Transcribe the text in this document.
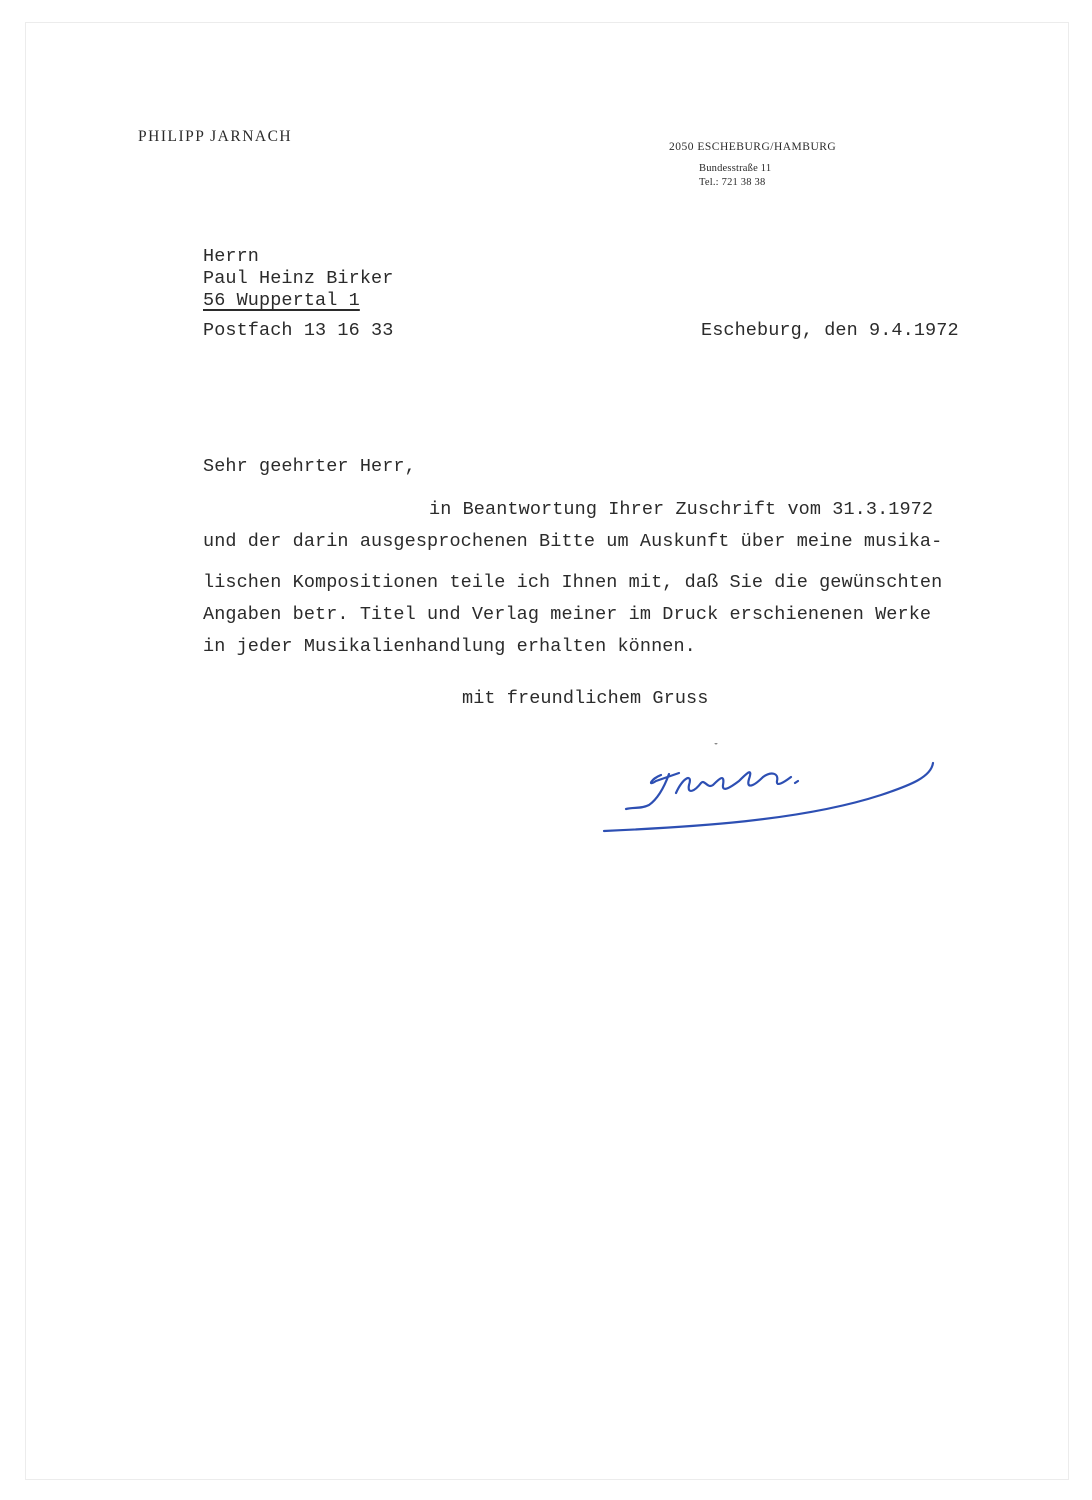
PHILIPP JARNACH
2050 ESCHEBURG/HAMBURG
Bundesstraße 11
Tel.: 721 38 38
Herrn
Paul Heinz Birker
56 Wuppertal 1
Postfach 13 16 33	Escheburg, den 9.4.1972
Sehr geehrter Herr,
in Beantwortung Ihrer Zuschrift vom 31.3.1972
und der darin ausgesprochenen Bitte um Auskunft über meine musika-
lischen Kompositionen teile ich Ihnen mit, daß Sie die gewünschten
Angaben betr. Titel und Verlag meiner im Druck erschienenen Werke
in jeder Musikalienhandlung erhalten können.
mit freundlichem Gruss
